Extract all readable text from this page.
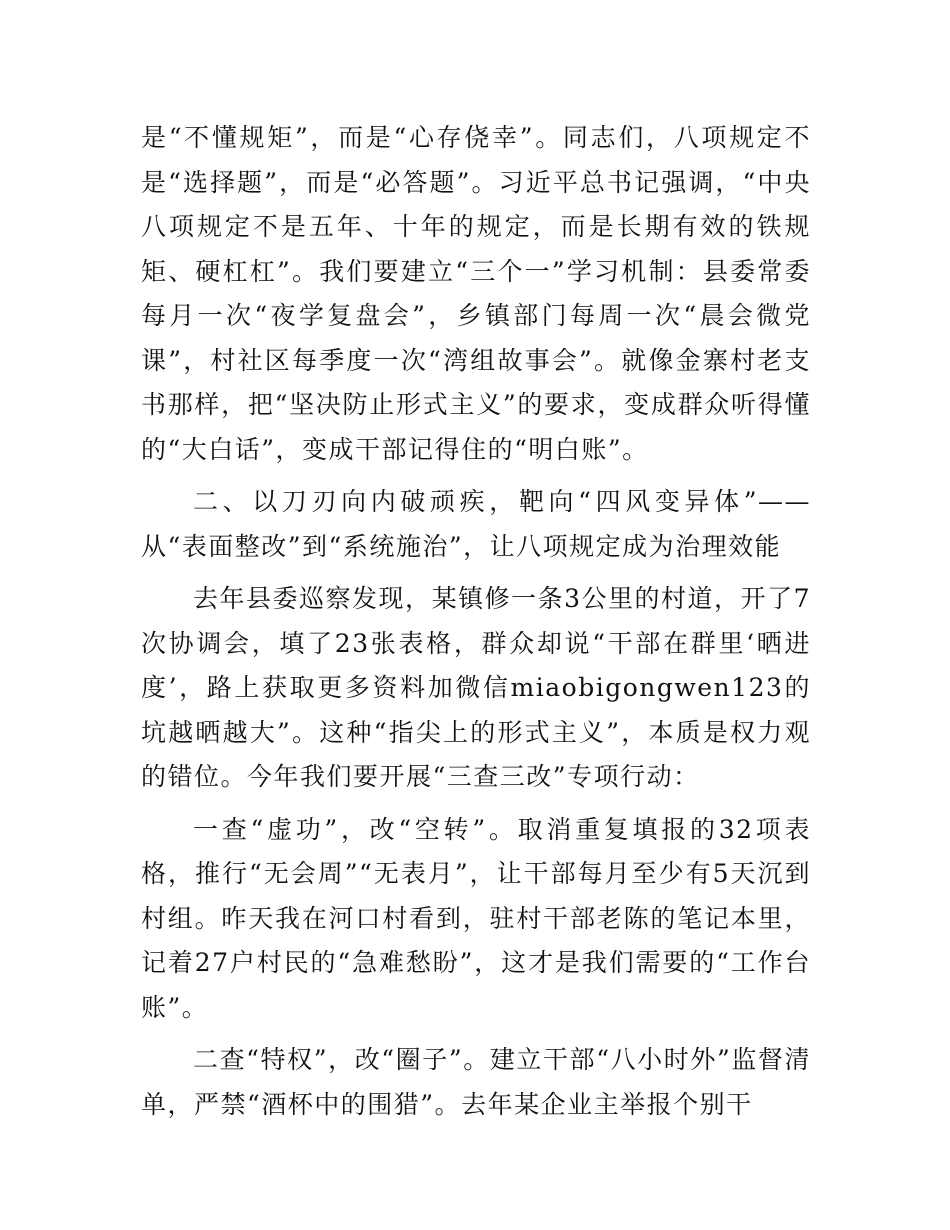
是“不懂规矩”，而是“心存侥幸”。同志们，八项规定不是“选择题”，而是“必答题”。习近平总书记强调，“中央八项规定不是五年、十年的规定，而是长期有效的铁规矩、硬杠杠”。我们要建立“三个一”学习机制：县委常委每月一次“夜学复盘会”，乡镇部门每周一次“晨会微党课”，村社区每季度一次“湾组故事会”。就像金寨村老支书那样，把“坚决防止形式主义”的要求，变成群众听得懂的“大白话”，变成干部记得住的“明白账”。

二、以刀刃向内破顽疾，靶向“四风变异体”——从“表面整改”到“系统施治”，让八项规定成为治理效能

去年县委巡察发现，某镇修一条3公里的村道，开了7次协调会，填了23张表格，群众却说“干部在群里‘晒进度’，路上获取更多资料加微信miaobigongwen123的坑越晒越大”。这种“指尖上的形式主义”，本质是权力观的错位。今年我们要开展“三查三改”专项行动：

一查“虚功”，改“空转”。取消重复填报的32项表格，推行“无会周”“无表月”，让干部每月至少有5天沉到村组。昨天我在河口村看到，驻村干部老陈的笔记本里，记着27户村民的“急难愁盼”，这才是我们需要的“工作台账”。

二查“特权”，改“圈子”。建立干部“八小时外”监督清单，严禁“酒杯中的围猎”。去年某企业主举报个别干
